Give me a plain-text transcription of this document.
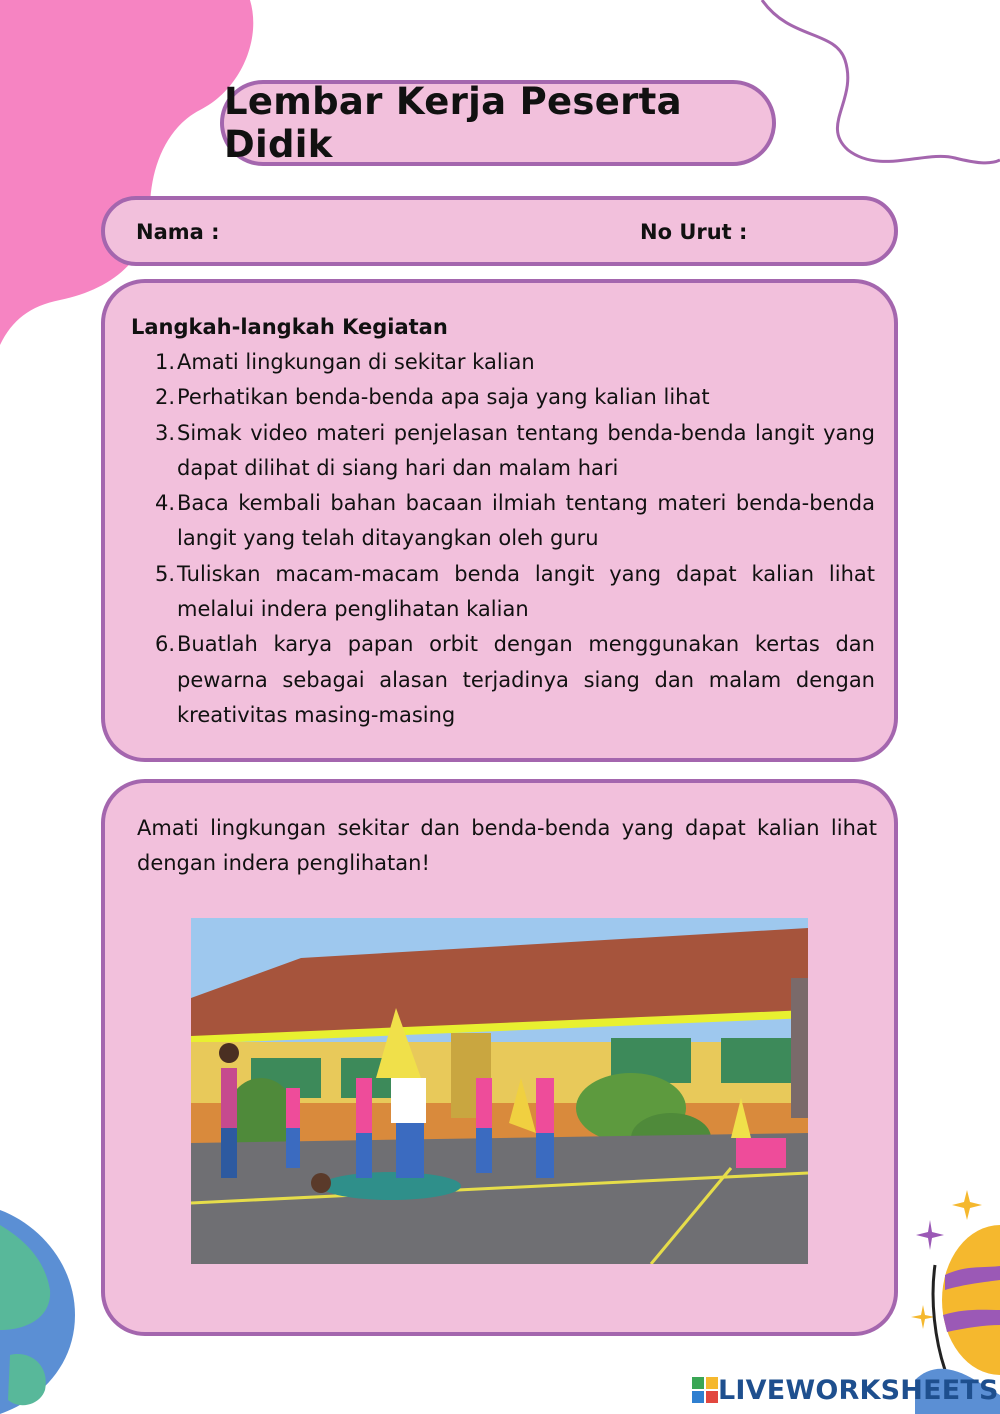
Lembar Kerja Peserta Didik
Nama :	No Urut :
Langkah-langkah Kegiatan
1. Amati lingkungan di sekitar kalian
2. Perhatikan benda-benda apa saja yang kalian lihat
3. Simak video materi penjelasan tentang benda-benda langit yang dapat dilihat di siang hari dan malam hari
4. Baca kembali bahan bacaan ilmiah tentang materi benda-benda langit yang telah ditayangkan oleh guru
5. Tuliskan macam-macam benda langit yang dapat kalian lihat melalui indera penglihatan kalian
6. Buatlah karya papan orbit dengan menggunakan kertas dan pewarna sebagai alasan terjadinya siang dan malam dengan kreativitas masing-masing
Amati lingkungan sekitar dan benda-benda yang dapat kalian lihat dengan indera penglihatan!
LIVEWORKSHEETS
